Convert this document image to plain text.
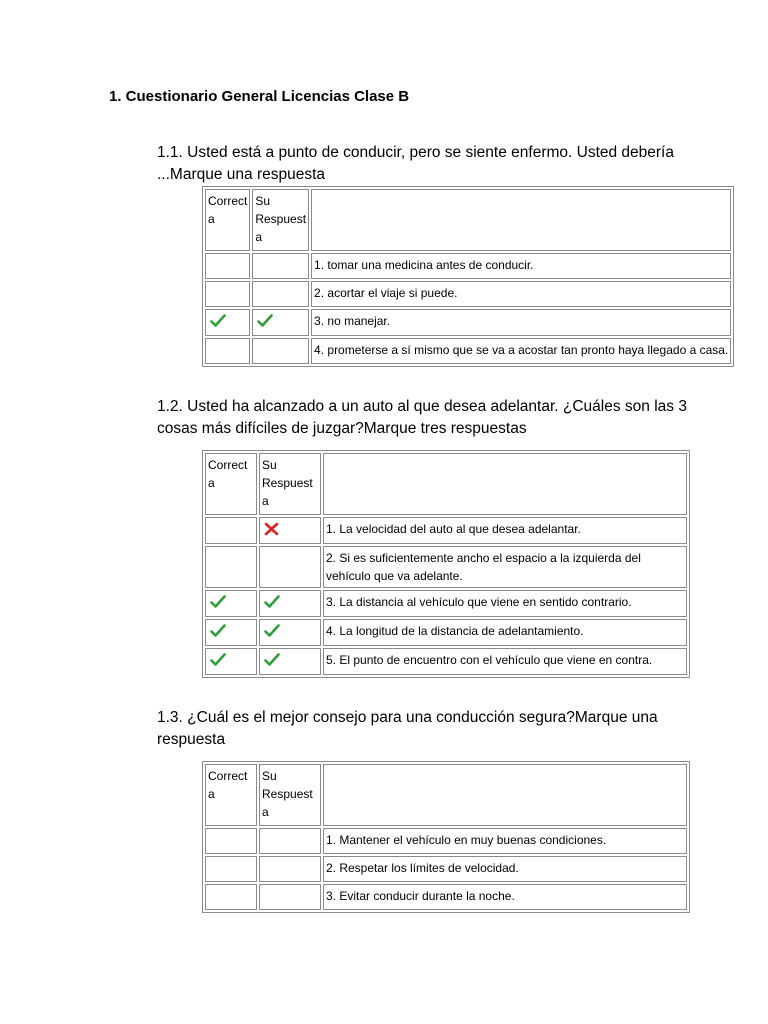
1. Cuestionario General Licencias Clase B
1.1. Usted está a punto de conducir, pero se siente enfermo. Usted debería ...Marque una respuesta
Correct a	Su Respuest a	
		1. tomar una medicina antes de conducir.
		2. acortar el viaje si puede.
		3. no manejar.
		4. prometerse a sí mismo que se va a acostar tan pronto haya llegado a casa.
1.2. Usted ha alcanzado a un auto al que desea adelantar. ¿Cuáles son las 3 cosas más difíciles de juzgar?Marque tres respuestas
Correct a	Su Respuest a	
		1. La velocidad del auto al que desea adelantar.
		2. Si es suficientemente ancho el espacio a la izquierda del vehículo que va adelante.
		3. La distancia al vehículo que viene en sentido contrario.
		4. La longitud de la distancia de adelantamiento.
		5. El punto de encuentro con el vehículo que viene en contra.
1.3. ¿Cuál es el mejor consejo para una conducción segura?Marque una respuesta
Correct a	Su Respuest a	
		1. Mantener el vehículo en muy buenas condiciones.
		2. Respetar los límites de velocidad.
		3. Evitar conducir durante la noche.
